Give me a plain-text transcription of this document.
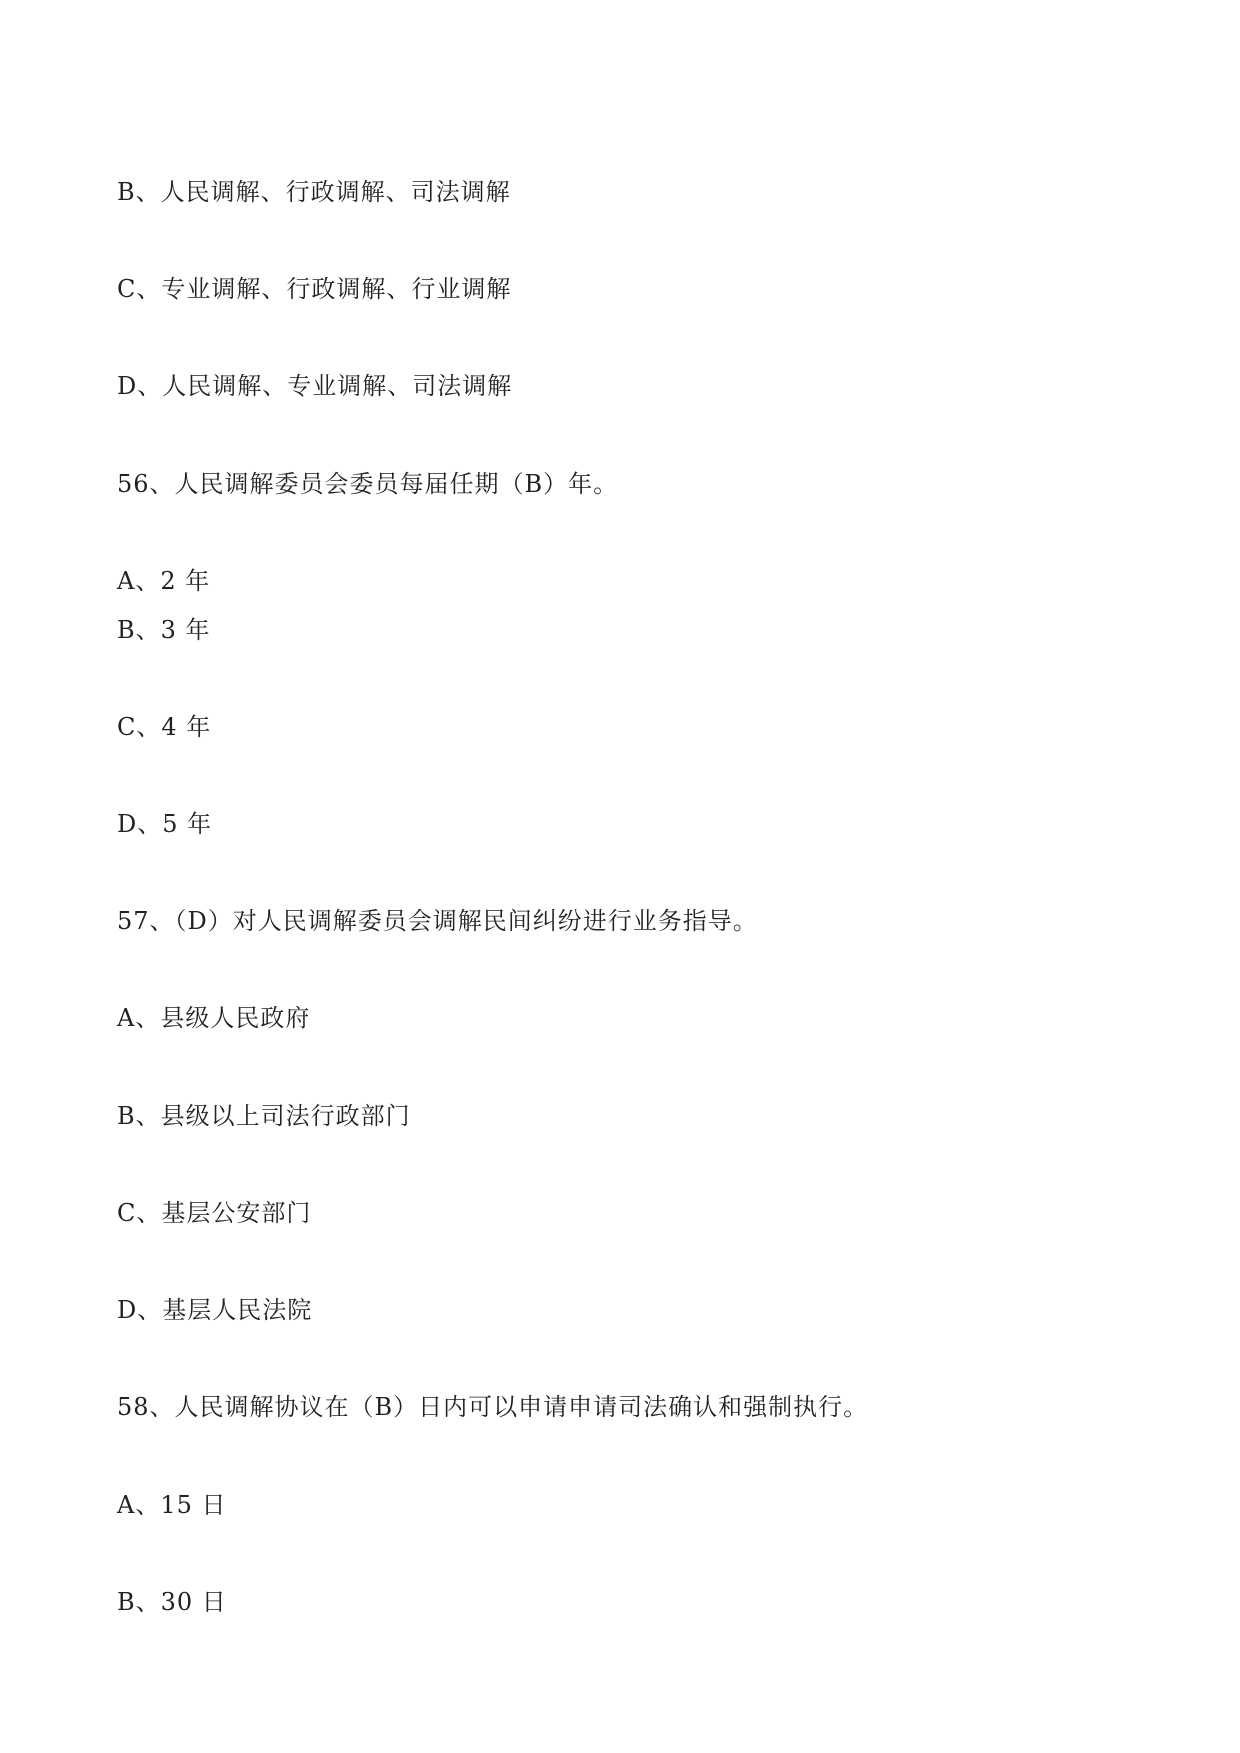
B、人民调解、行政调解、司法调解
C、专业调解、行政调解、行业调解
D、人民调解、专业调解、司法调解
56、人民调解委员会委员每届任期（B）年。
A、2 年
B、3 年
C、4 年
D、5 年
57、（D）对人民调解委员会调解民间纠纷进行业务指导。
A、县级人民政府
B、县级以上司法行政部门
C、基层公安部门
D、基层人民法院
58、人民调解协议在（B）日内可以申请申请司法确认和强制执行。
A、15 日
B、30 日
